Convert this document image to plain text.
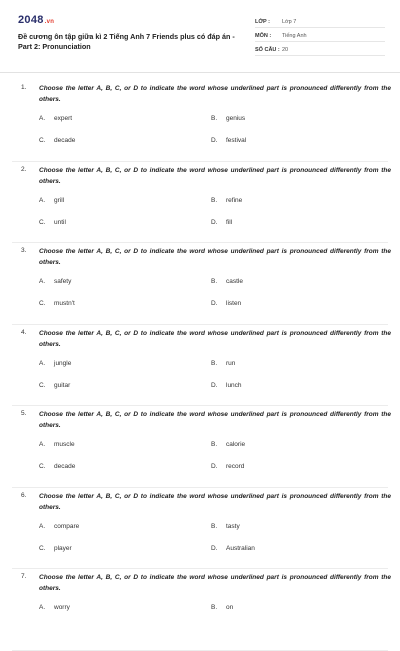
2048.vn
Đề cương ôn tập giữa kì 2 Tiếng Anh 7 Friends plus có đáp án - Part 2: Pronunciation
LỚP :	Lớp 7
MÔN :	Tiếng Anh
SỐ CÂU : 20
1. Choose the letter A, B, C, or D to indicate the word whose underlined part is pronounced differently from the others.
A.	expert	B.	genius
C.	decade	D.	festival
2. Choose the letter A, B, C, or D to indicate the word whose underlined part is pronounced differently from the others.
A.	grill	B.	refine
C.	until	D.	fill
3. Choose the letter A, B, C, or D to indicate the word whose underlined part is pronounced differently from the others.
A.	safety	B.	castle
C.	mustn't	D.	listen
4. Choose the letter A, B, C, or D to indicate the word whose underlined part is pronounced differently from the others.
A.	jungle	B.	run
C.	guitar	D.	lunch
5. Choose the letter A, B, C, or D to indicate the word whose underlined part is pronounced differently from the others.
A.	muscle	B.	calorie
C.	decade	D.	record
6. Choose the letter A, B, C, or D to indicate the word whose underlined part is pronounced differently from the others.
A.	compare	B.	tasty
C.	player	D.	Australian
7. Choose the letter A, B, C, or D to indicate the word whose underlined part is pronounced differently from the others.
A.	worry	B.	on
